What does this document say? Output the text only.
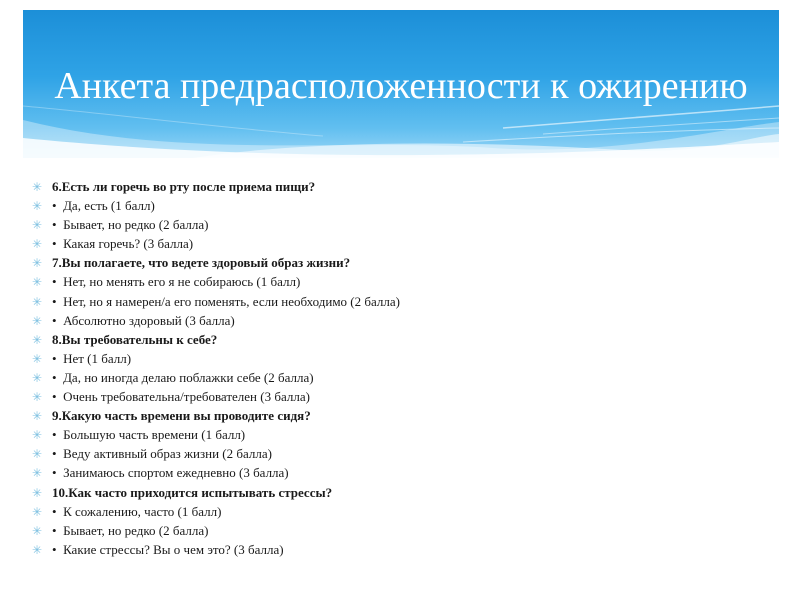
Анкета предрасположенности к ожирению
✳ 6.Есть ли горечь во рту после приема пищи?
✳	•  Да, есть (1 балл)
✳	•  Бывает, но редко (2 балла)
✳	•  Какая горечь? (3 балла)
✳ 7.Вы полагаете, что ведете здоровый образ жизни?
✳	•  Нет, но менять его я не собираюсь (1 балл)
✳	•  Нет, но я намерен/а его поменять, если необходимо (2 балла)
✳	•  Абсолютно здоровый (3 балла)
✳ 8.Вы требовательны к себе?
✳	•  Нет (1 балл)
✳	•  Да, но иногда делаю поблажки себе (2 балла)
✳	•  Очень требовательна/требователен (3 балла)
✳ 9.Какую часть времени вы проводите сидя?
✳	•  Большую часть времени (1 балл)
✳	•  Веду активный образ жизни (2 балла)
✳	•  Занимаюсь спортом ежедневно (3 балла)
✳ 10.Как часто приходится испытывать стрессы?
✳	•  К сожалению, часто (1 балл)
✳	•  Бывает, но редко (2 балла)
✳	•  Какие стрессы? Вы о чем это? (3 балла)
